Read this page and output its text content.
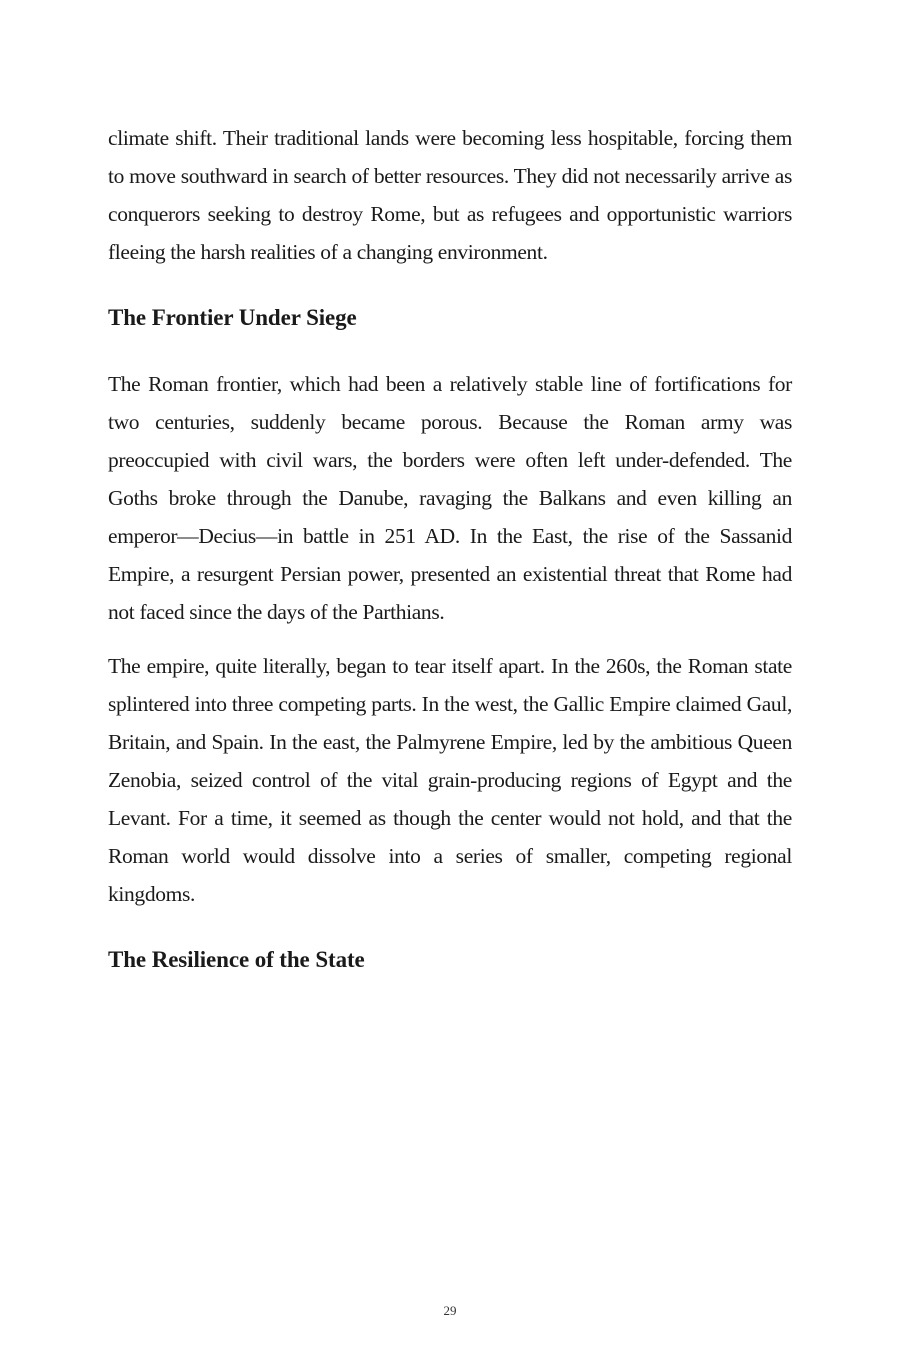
climate shift. Their traditional lands were becoming less hospitable, forcing them to move southward in search of better resources. They did not necessarily arrive as conquerors seeking to destroy Rome, but as refugees and opportunistic warriors fleeing the harsh realities of a changing environment.

The Frontier Under Siege

The Roman frontier, which had been a relatively stable line of fortifications for two centuries, suddenly became porous. Because the Roman army was preoccupied with civil wars, the borders were often left under-defended. The Goths broke through the Danube, ravaging the Balkans and even killing an emperor—Decius—in battle in 251 AD. In the East, the rise of the Sassanid Empire, a resurgent Persian power, presented an existential threat that Rome had not faced since the days of the Parthians.

The empire, quite literally, began to tear itself apart. In the 260s, the Roman state splintered into three competing parts. In the west, the Gallic Empire claimed Gaul, Britain, and Spain. In the east, the Palmyrene Empire, led by the ambitious Queen Zenobia, seized control of the vital grain-producing regions of Egypt and the Levant. For a time, it seemed as though the center would not hold, and that the Roman world would dissolve into a series of smaller, competing regional kingdoms.

The Resilience of the State
29
